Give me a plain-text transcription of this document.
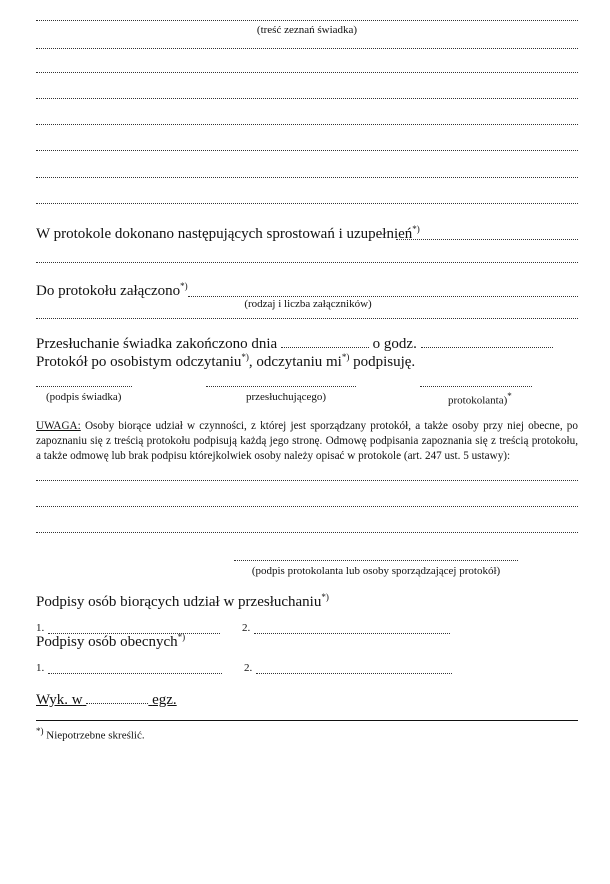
(treść zeznań świadka)
W protokole dokonano następujących sprostowań i uzupełnień*)
Do protokołu załączono*)
(rodzaj i liczba załączników)
Przesłuchanie świadka zakończono dnia	o godz.
Protokół po osobistym odczytaniu*), odczytaniu mi*) podpisuję.
(podpis świadka)	przesłuchującego)	protokolanta)*
UWAGA: Osoby biorące udział w czynności, z której jest sporządzany protokół, a także osoby przy niej obecne, po zapoznaniu się z treścią protokołu podpisują każdą jego stronę. Odmowę podpisania zapoznania się z treścią protokołu, a także odmowę lub brak podpisu którejkolwiek osoby należy opisać w protokole (art. 247 ust. 5 ustawy):
(podpis protokolanta lub osoby sporządzającej protokół)
Podpisy osób biorących udział w przesłuchaniu*)
1.	2.
Podpisy osób obecnych*)
1.	2.
Wyk. w	egz.
*) Niepotrzebne skreślić.
